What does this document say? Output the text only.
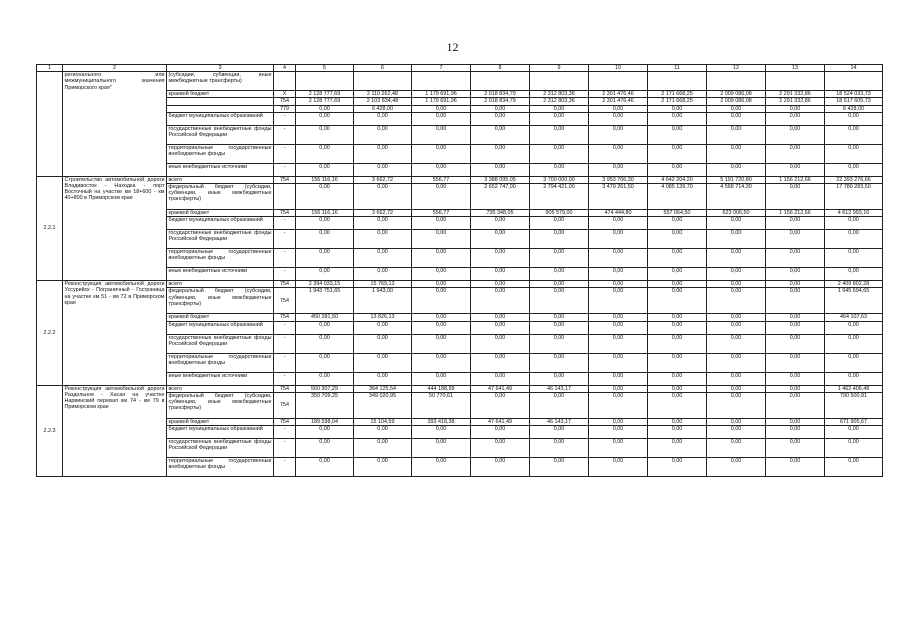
12
1	2	3	4	5	6	7	8	9	10	11	12	13	14
	регионального или межмуниципального значения Приморского края"	(субсидии, субвенции, иные межбюджетные трансферты)											
		краевой бюджет	X	2 128 777,69	2 110 262,48	1 179 691,96	2 018 834,79	2 312 803,36	2 301 476,46	2 171 668,25	2 009 086,08	2 291 332,86	18 524 033,73
			754	2 128 777,69	2 103 834,48	1 179 691,96	2 018 834,79	2 312 803,36	2 301 476,46	2 171 668,25	2 009 086,08	2 291 332,86	18 517 605,73
			779	0,00	6 428,00	0,00	0,00	0,00	0,00	0,00	0,00	0,00	6 428,00
		бюджет муниципальных образований	-	0,00	0,00	0,00	0,00	0,00	0,00	0,00	0,00	0,00	0,00
		государственные внебюджетные фонды Российской Федерации	-	0,00	0,00	0,00	0,00	0,00	0,00	0,00	0,00	0,00	0,00
		территориальные государственные внебюджетные фонды	-	0,00	0,00	0,00	0,00	0,00	0,00	0,00	0,00	0,00	0,00
		иные внебюджетные источники	-	0,00	0,00	0,00	0,00	0,00	0,00	0,00	0,00	0,00	0,00
2.2.1	Строительство автомобильной дороги Владивосток - Находка - порт Восточный на участке км 18+600 - км 40+800 в Приморском крае	всего	754	156 116,16	3 662,72	556,77	3 388 095,05	3 700 000,00	3 953 706,30	4 642 204,20	5 191 720,80	1 156 212,66	22 393 276,66
		федеральный бюджет (субсидии, субвенции, иные межбюджетные трансферты)		0,00	0,00	0,00	2 652 747,00	2 794 421,00	3 479 261,50	4 085 139,70	4 568 714,30	0,00	17 780 283,50
		краевой бюджет	754	156 116,16	3 662,72	556,77	735 348,05	905 579,00	474 444,80	557 064,50	623 006,50	1 156 212,66	4 612 993,16
		бюджет муниципальных образований	-	0,00	0,00	0,00	0,00	0,00	0,00	0,00	0,00	0,00	0,00
		государственные внебюджетные фонды Российской Федерации	-	0,00	0,00	0,00	0,00	0,00	0,00	0,00	0,00	0,00	0,00
		территориальные государственные внебюджетные фонды	-	0,00	0,00	0,00	0,00	0,00	0,00	0,00	0,00	0,00	0,00
		иные внебюджетные источники	-	0,00	0,00	0,00	0,00	0,00	0,00	0,00	0,00	0,00	0,00
2.2.2	Реконструкция автомобильной дороги Уссурийск - Пограничный - Госграница на участке км 51 - км 72 в Приморском крае	всего	754	2 394 033,15	15 769,13	0,00	0,00	0,00	0,00	0,00	0,00	0,00	2 409 802,28
		федеральный бюджет (субсидии, субвенции, иные межбюджетные трансферты)	754	1 943 751,65	1 943,00	0,00	0,00	0,00	0,00	0,00	0,00	0,00	1 945 694,65
		краевой бюджет	754	450 281,50	13 826,13	0,00	0,00	0,00	0,00	0,00	0,00	0,00	464 107,63
		бюджет муниципальных образований	-	0,00	0,00	0,00	0,00	0,00	0,00	0,00	0,00	0,00	0,00
		государственные внебюджетные фонды Российской Федерации	-	0,00	0,00	0,00	0,00	0,00	0,00	0,00	0,00	0,00	0,00
		территориальные государственные внебюджетные фонды	-	0,00	0,00	0,00	0,00	0,00	0,00	0,00	0,00	0,00	0,00
		иные внебюджетные источники	-	0,00	0,00	0,00	0,00	0,00	0,00	0,00	0,00	0,00	0,00
2.2.3	Реконструкция автомобильной дороги Раздольное - Хасан на участке Нарвинский перевал км 74 - км 79 в Приморском крае	всего	754	560 307,29	364 125,54	444 188,99	47 641,49	46 143,17	0,00	0,00	0,00	0,00	1 462 406,48
		федеральный бюджет (субсидии, субвенции, иные межбюджетные трансферты)	754	350 709,25	349 020,95	50 770,61	0,00	0,00	0,00	0,00	0,00	0,00	790 500,81
		краевой бюджет	754	189 598,04	15 104,59	393 418,38	47 641,49	46 143,17	0,00	0,00	0,00	0,00	671 905,67
		бюджет муниципальных образований	-	0,00	0,00	0,00	0,00	0,00	0,00	0,00	0,00	0,00	0,00
		государственные внебюджетные фонды Российской Федерации	-	0,00	0,00	0,00	0,00	0,00	0,00	0,00	0,00	0,00	0,00
		территориальные государственные внебюджетные фонды	-	0,00	0,00	0,00	0,00	0,00	0,00	0,00	0,00	0,00	0,00
